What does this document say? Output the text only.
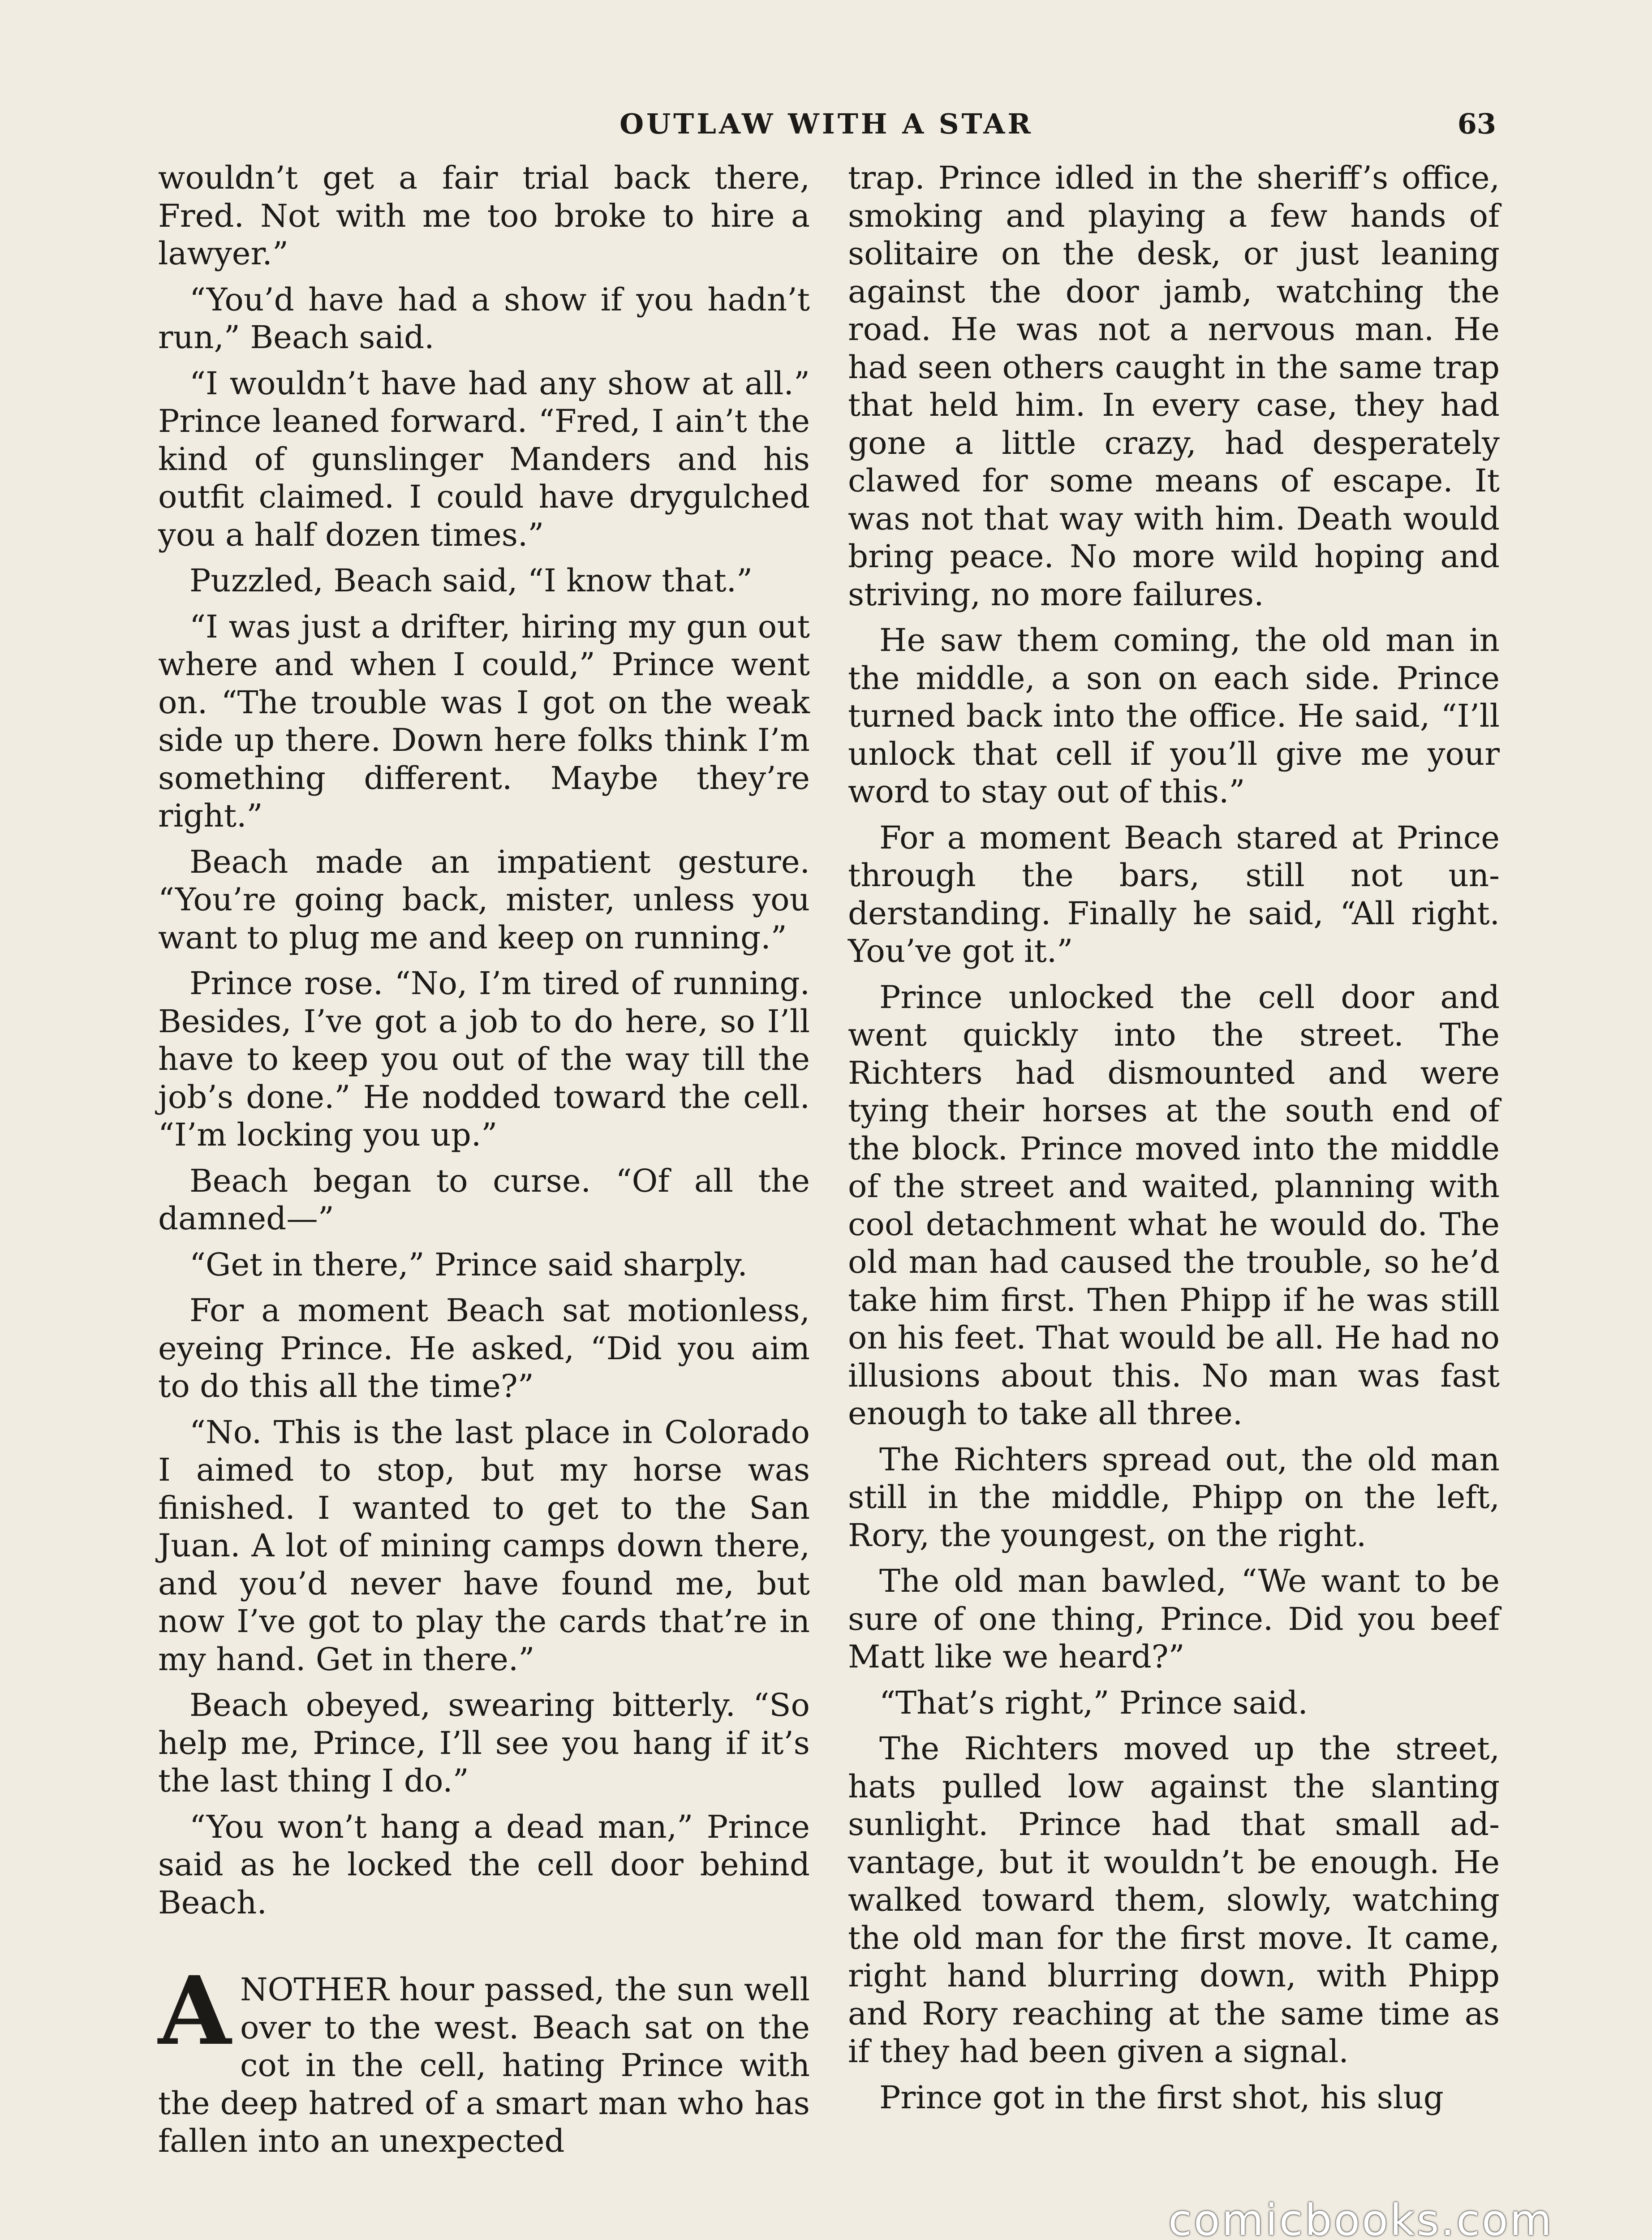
OUTLAW WITH A STAR	63

wouldn’t get a fair trial back there, Fred. Not with me too broke to hire a lawyer.”

“You’d have had a show if you hadn’t run,” Beach said.

“I wouldn’t have had any show at all.” Prince leaned forward. “Fred, I ain’t the kind of gunslinger Manders and his outfit claimed. I could have drygulched you a half dozen times.”

Puzzled, Beach said, “I know that.”

“I was just a drifter, hiring my gun out where and when I could,” Prince went on. “The trouble was I got on the weak side up there. Down here folks think I’m something different. Maybe they’re right.”

Beach made an impatient gesture. “You’re going back, mister, unless you want to plug me and keep on running.”

Prince rose. “No, I’m tired of running. Besides, I’ve got a job to do here, so I’ll have to keep you out of the way till the job’s done.” He nodded toward the cell. “I’m locking you up.”

Beach began to curse. “Of all the damned—”

“Get in there,” Prince said sharply.

For a moment Beach sat motionless, eyeing Prince. He asked, “Did you aim to do this all the time?”

“No. This is the last place in Colorado I aimed to stop, but my horse was finished. I wanted to get to the San Juan. A lot of mining camps down there, and you’d never have found me, but now I’ve got to play the cards that’re in my hand. Get in there.”

Beach obeyed, swearing bitterly. “So help me, Prince, I’ll see you hang if it’s the last thing I do.”

“You won’t hang a dead man,” Prince said as he locked the cell door behind Beach.

ANOTHER hour passed, the sun well over to the west. Beach sat on the cot in the cell, hating Prince with the deep hatred of a smart man who has fallen into an unexpected

trap. Prince idled in the sheriff’s office, smoking and playing a few hands of solitaire on the desk, or just leaning against the door jamb, watching the road. He was not a nervous man. He had seen others caught in the same trap that held him. In every case, they had gone a little crazy, had desperately clawed for some means of escape. It was not that way with him. Death would bring peace. No more wild hoping and striving, no more failures.

He saw them coming, the old man in the middle, a son on each side. Prince turned back into the office. He said, “I’ll unlock that cell if you’ll give me your word to stay out of this.”

For a moment Beach stared at Prince through the bars, still not understanding. Finally he said, “All right. You’ve got it.”

Prince unlocked the cell door and went quickly into the street. The Richters had dismounted and were tying their horses at the south end of the block. Prince moved into the middle of the street and waited, planning with cool detachment what he would do. The old man had caused the trouble, so he’d take him first. Then Phipp if he was still on his feet. That would be all. He had no illusions about this. No man was fast enough to take all three.

The Richters spread out, the old man still in the middle, Phipp on the left, Rory, the youngest, on the right.

The old man bawled, “We want to be sure of one thing, Prince. Did you beef Matt like we heard?”

“That’s right,” Prince said.

The Richters moved up the street, hats pulled low against the slanting sunlight. Prince had that small advantage, but it wouldn’t be enough. He walked toward them, slowly, watching the old man for the first move. It came, right hand blurring down, with Phipp and Rory reaching at the same time as if they had been given a signal.

Prince got in the first shot, his slug

comicbooks.com
